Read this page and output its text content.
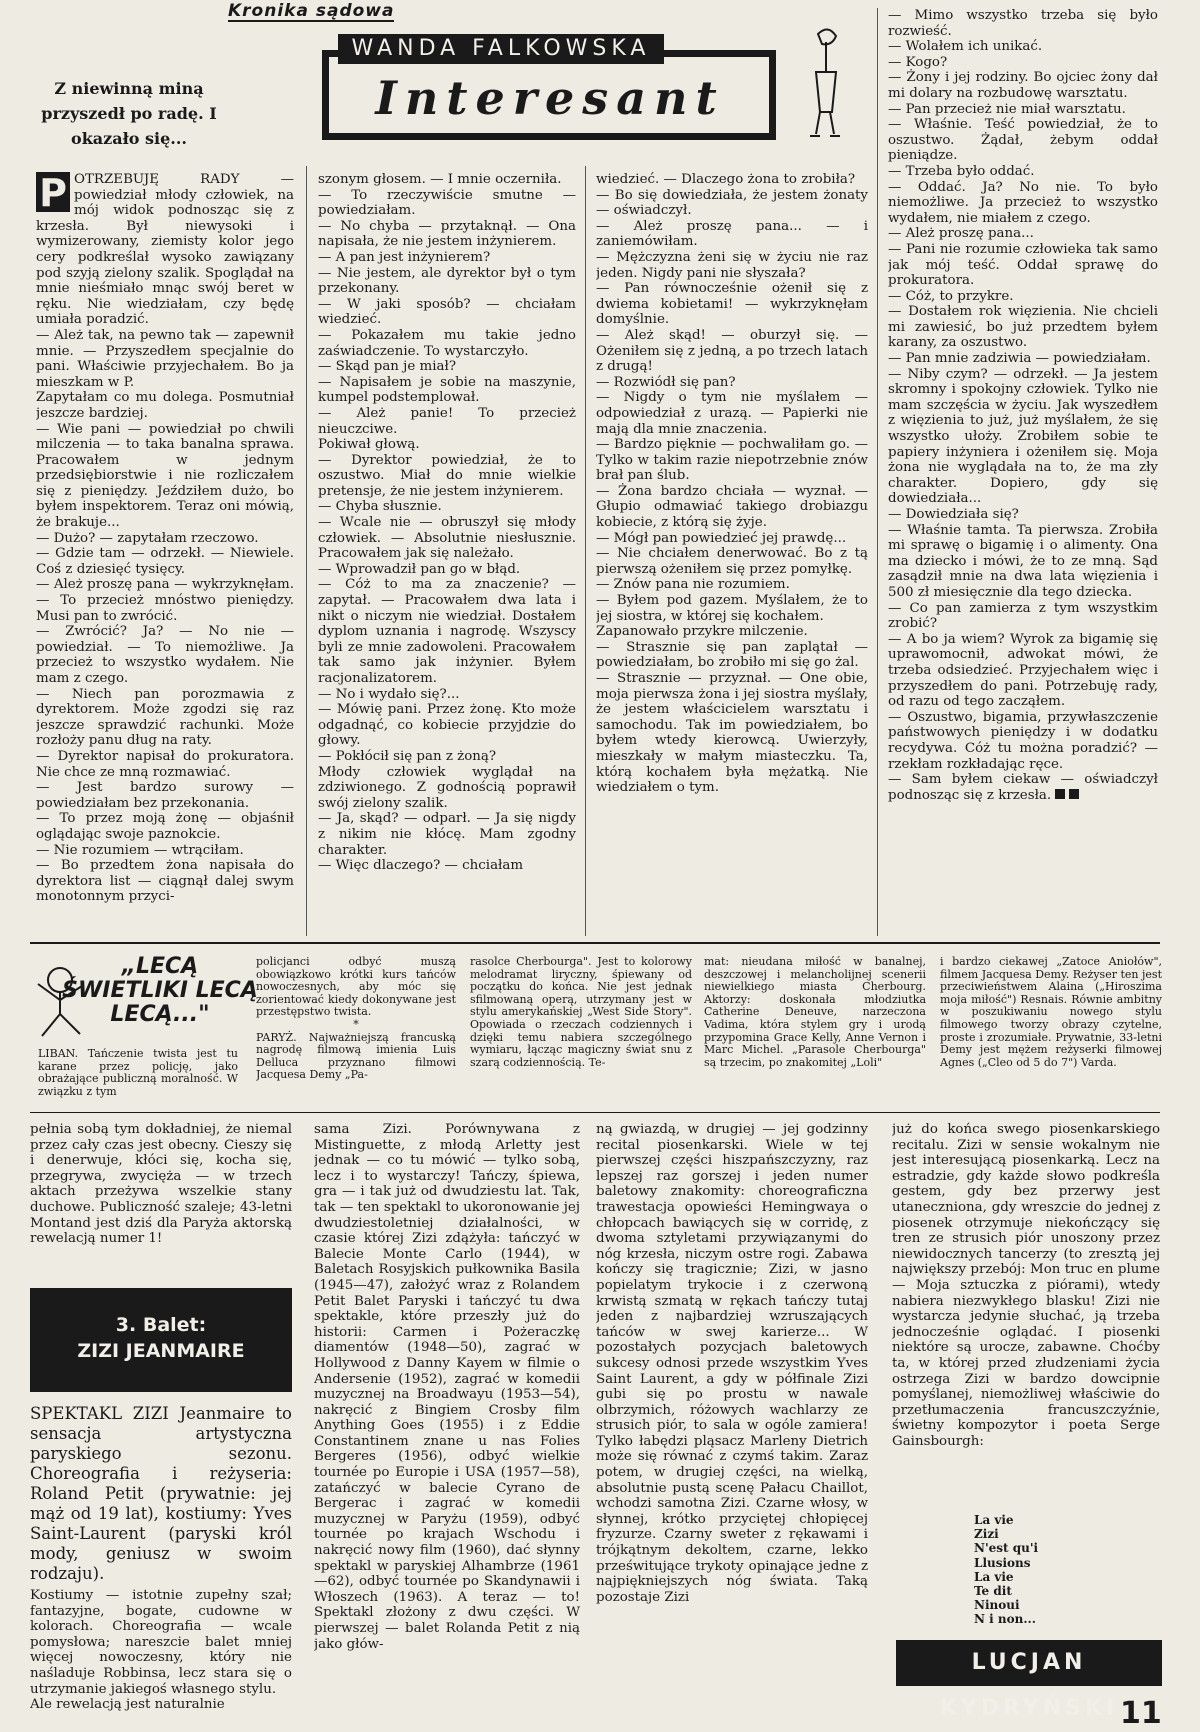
Kronika sądowa
WANDA FALKOWSKA
Interesant
Z niewinną miną przyszedł po radę. I okazało się...
P OTRZEBUJĘ RADY — powiedział młody człowiek, na mój widok podnosząc się z krzesła. Był niewysoki i wymizerowany, ziemisty kolor jego cery podkreślał wysoko zawiązany pod szyją zielony szalik. Spoglądał na mnie nieśmiało mnąc swój beret w ręku. Nie wiedziałam, czy będę umiała poradzić.

— Ależ tak, na pewno tak — zapewnił mnie. — Przyszedłem specjalnie do pani. Właściwie przyjechałem. Bo ja mieszkam w P.

Zapytałam co mu dolega. Posmutniał jeszcze bardziej.

— Wie pani — powiedział po chwili milczenia — to taka banalna sprawa. Pracowałem w jednym przedsiębiorstwie i nie rozliczałem się z pieniędzy. Jeździłem dużo, bo byłem inspektorem. Teraz oni mówią, że brakuje...

— Dużo? — zapytałam rzeczowo.

— Gdzie tam — odrzekł. — Niewiele. Coś z dziesięć tysięcy.

— Ależ proszę pana — wykrzyknęłam. — To przecież mnóstwo pieniędzy. Musi pan to zwrócić.

— Zwrócić? Ja? — No nie — powiedział. — To niemożliwe. Ja przecież to wszystko wydałem. Nie mam z czego.

— Niech pan porozmawia z dyrektorem. Może zgodzi się raz jeszcze sprawdzić rachunki. Może rozłoży panu dług na raty.

— Dyrektor napisał do prokuratora. Nie chce ze mną rozmawiać.

— Jest bardzo surowy — powiedziałam bez przekonania.

— To przez moją żonę — objaśnił oglądając swoje paznokcie.

— Nie rozumiem — wtrąciłam.

— Bo przedtem żona napisała do dyrektora list — ciągnął dalej swym monotonnym przyci-

szonym głosem. — I mnie oczerniła.

— To rzeczywiście smutne — powiedziałam.

— No chyba — przytaknął. — Ona napisała, że nie jestem inżynierem.

— A pan jest inżynierem?

— Nie jestem, ale dyrektor był o tym przekonany.

— W jaki sposób? — chciałam wiedzieć.

— Pokazałem mu takie jedno zaświadczenie. To wystarczyło.

— Skąd pan je miał?

— Napisałem je sobie na maszynie, kumpel podstemplował.

— Ależ panie! To przecież nieuczciwe.

Pokiwał głową.

— Dyrektor powiedział, że to oszustwo. Miał do mnie wielkie pretensje, że nie jestem inżynierem.

— Chyba słusznie.

— Wcale nie — obruszył się młody człowiek. — Absolutnie niesłusznie. Pracowałem jak się należało.

— Wprowadził pan go w błąd.

— Cóż to ma za znaczenie? — zapytał. — Pracowałem dwa lata i nikt o niczym nie wiedział. Dostałem dyplom uznania i nagrodę. Wszyscy byli ze mnie zadowoleni. Pracowałem tak samo jak inżynier. Byłem racjonalizatorem.

— No i wydało się?...

— Mówię pani. Przez żonę. Kto może odgadnąć, co kobiecie przyjdzie do głowy.

— Pokłócił się pan z żoną?

Młody człowiek wyglądał na zdziwionego. Z godnością poprawił swój zielony szalik.

— Ja, skąd? — odparł. — Ja się nigdy z nikim nie kłócę. Mam zgodny charakter.

— Więc dlaczego? — chciałam

wiedzieć. — Dlaczego żona to zrobiła?

— Bo się dowiedziała, że jestem żonaty — oświadczył.

— Ależ proszę pana... — i zaniemówiłam.

— Mężczyzna żeni się w życiu nie raz jeden. Nigdy pani nie słyszała?

— Pan równocześnie ożenił się z dwiema kobietami! — wykrzyknęłam domyślnie.

— Ależ skąd! — oburzył się. — Ożeniłem się z jedną, a po trzech latach z drugą!

— Rozwiódł się pan?

— Nigdy o tym nie myślałem — odpowiedział z urazą. — Papierki nie mają dla mnie znaczenia.

— Bardzo pięknie — pochwaliłam go. — Tylko w takim razie niepotrzebnie znów brał pan ślub.

— Żona bardzo chciała — wyznał. — Głupio odmawiać takiego drobiazgu kobiecie, z którą się żyje.

— Mógł pan powiedzieć jej prawdę...

— Nie chciałem denerwować. Bo z tą pierwszą ożeniłem się przez pomyłkę.

— Znów pana nie rozumiem.

— Byłem pod gazem. Myślałem, że to jej siostra, w której się kochałem.

Zapanowało przykre milczenie.

— Strasznie się pan zaplątał — powiedziałam, bo zrobiło mi się go żal.

— Strasznie — przyznał. — One obie, moja pierwsza żona i jej siostra myślały, że jestem właścicielem warsztatu i samochodu. Tak im powiedziałem, bo byłem wtedy kierowcą. Uwierzyły, mieszkały w małym miasteczku. Ta, którą kochałem była mężatką. Nie wiedziałem o tym.

— Mimo wszystko trzeba się było rozwieść.

— Wolałem ich unikać.

— Kogo?

— Żony i jej rodziny. Bo ojciec żony dał mi dolary na rozbudowę warsztatu.

— Pan przecież nie miał warsztatu.

— Właśnie. Teść powiedział, że to oszustwo. Żądał, żebym oddał pieniądze.

— Trzeba było oddać.

— Oddać. Ja? No nie. To było niemożliwe. Ja przecież to wszystko wydałem, nie miałem z czego.

— Ależ proszę pana...

— Pani nie rozumie człowieka tak samo jak mój teść. Oddał sprawę do prokuratora.

— Cóż, to przykre.

— Dostałem rok więzienia. Nie chcieli mi zawiesić, bo już przedtem byłem karany, za oszustwo.

— Pan mnie zadziwia — powiedziałam.

— Niby czym? — odrzekł. — Ja jestem skromny i spokojny człowiek. Tylko nie mam szczęścia w życiu. Jak wyszedłem z więzienia to już, już myślałem, że się wszystko ułoży. Zrobiłem sobie te papiery inżyniera i ożeniłem się. Moja żona nie wyglądała na to, że ma zły charakter. Dopiero, gdy się dowiedziała...

— Dowiedziała się?

— Właśnie tamta. Ta pierwsza. Zrobiła mi sprawę o bigamię i o alimenty. Ona ma dziecko i mówi, że to ze mną. Sąd zasądził mnie na dwa lata więzienia i 500 zł miesięcznie dla tego dziecka.

— Co pan zamierza z tym wszystkim zrobić?

— A bo ja wiem? Wyrok za bigamię się uprawomocnił, adwokat mówi, że trzeba odsiedzieć. Przyjechałem więc i przyszedłem do pani. Potrzebuję rady, od razu od tego zacząłem.

— Oszustwo, bigamia, przywłaszczenie państwowych pieniędzy i w dodatku recydywa. Cóż tu można poradzić? — rzekłam rozkładając ręce.

— Sam byłem ciekaw — oświadczył podnosząc się z krzesła.

„LECĄ ŚWIETLIKI LECĄ LECĄ..."
LIBAN. Tańczenie twista jest tu karane przez policję, jako obrażające publiczną moralność. W związku z tym

policjanci odbyć muszą obowiązkowo krótki kurs tańców nowoczesnych, aby móc się zorientować kiedy dokonywane jest przestępstwo twista.

*

PARYŻ. Najważniejszą francuską nagrodę filmową imienia Luis Delluca przyznano filmowi Jacquesa Demy „Pa-

rasolce Cherbourga". Jest to kolorowy melodramat liryczny, śpiewany od początku do końca. Nie jest jednak sfilmowaną operą, utrzymany jest w stylu amerykańskiej „West Side Story". Opowiada o rzeczach codziennych i dzięki temu nabiera szczególnego wymiaru, łącząc magiczny świat snu z szarą codziennością. Te-
mat: nieudana miłość w banalnej, deszczowej i melancholijnej scenerii niewielkiego miasta Cherbourg. Aktorzy: doskonała młodziutka Catherine Deneuve, narzeczona Vadima, która stylem gry i urodą przypomina Grace Kelly, Anne Vernon i Marc Michel. „Parasole Cherbourga" są trzecim, po znakomitej „Loli"
i bardzo ciekawej „Zatoce Aniołów", filmem Jacquesa Demy. Reżyser ten jest przeciwieństwem Alaina („Hiroszima moja miłość") Resnais. Równie ambitny w poszukiwaniu nowego stylu filmowego tworzy obrazy czytelne, proste i zrozumiałe. Prywatnie, 33-letni Demy jest mężem reżyserki filmowej Agnes („Cleo od 5 do 7") Varda.
pełnia sobą tym dokładniej, że niemal przez cały czas jest obecny. Cieszy się i denerwuje, kłóci się, kocha się, przegrywa, zwycięża — w trzech aktach przeżywa wszelkie stany duchowe. Publiczność szaleje; 43-letni Montand jest dziś dla Paryża aktorską rewelacją numer 1!
3. Balet:
ZIZI JEANMAIRE

SPEKTAKL ZIZI Jeanmaire to sensacja artystyczna paryskiego sezonu. Choreografia i reżyseria: Roland Petit (prywatnie: jej mąż od 19 lat), kostiumy: Yves Saint-Laurent (paryski król mody, geniusz w swoim rodzaju).

Kostiumy — istotnie zupełny szał; fantazyjne, bogate, cudowne w kolorach. Choreografia — wcale pomysłowa; nareszcie balet mniej więcej nowoczesny, który nie naśladuje Robbinsa, lecz stara się o utrzymanie jakiegoś własnego stylu.

Ale rewelacją jest naturalnie

sama Zizi. Porównywana z Mistinguette, z młodą Arletty jest jednak — co tu mówić — tylko sobą, lecz i to wystarczy! Tańczy, śpiewa, gra — i tak już od dwudziestu lat. Tak, tak — ten spektakl to ukoronowanie jej dwudziestoletniej działalności, w czasie której Zizi zdążyła: tańczyć w Balecie Monte Carlo (1944), w Baletach Rosyjskich pułkownika Basila (1945—47), założyć wraz z Rolandem Petit Balet Paryski i tańczyć tu dwa spektakle, które przeszły już do historii: Carmen i Pożeraczkę diamentów (1948—50), zagrać w Hollywood z Danny Kayem w filmie o Andersenie (1952), zagrać w komedii muzycznej na Broadwayu (1953—54), nakręcić z Bingiem Crosby film Anything Goes (1955) i z Eddie Constantinem znane u nas Folies Bergeres (1956), odbyć wielkie tournée po Europie i USA (1957—58), zatańczyć w balecie Cyrano de Bergerac i zagrać w komedii muzycznej w Paryżu (1959), odbyć tournée po krajach Wschodu i nakręcić nowy film (1960), dać słynny spektakl w paryskiej Alhambrze (1961—62), odbyć tournée po Skandynawii i Włoszech (1963). A teraz — to! Spektakl złożony z dwu części. W pierwszej — balet Rolanda Petit z nią jako głów-
ną gwiazdą, w drugiej — jej godzinny recital piosenkarski. Wiele w tej pierwszej części hiszpańszczyzny, raz lepszej raz gorszej i jeden numer baletowy znakomity: choreograficzna trawestacja opowieści Hemingwaya o chłopcach bawiących się w corridę, z dwoma sztyletami przywiązanymi do nóg krzesła, niczym ostre rogi. Zabawa kończy się tragicznie; Zizi, w jasno popielatym trykocie i z czerwoną krwistą szmatą w rękach tańczy tutaj jeden z najbardziej wzruszających tańców w swej karierze... W pozostałych pozycjach baletowych sukcesy odnosi przede wszystkim Yves Saint Laurent, a gdy w półfinale Zizi gubi się po prostu w nawale olbrzymich, różowych wachlarzy ze strusich piór, to sala w ogóle zamiera! Tylko łabędzi pląsacz Marleny Dietrich może się równać z czymś takim. Zaraz potem, w drugiej części, na wielką, absolutnie pustą scenę Pałacu Chaillot, wchodzi samotna Zizi. Czarne włosy, w słynnej, krótko przyciętej chłopięcej fryzurze. Czarny sweter z rękawami i trójkątnym dekoltem, czarne, lekko prześwitujące trykoty opinające jedne z najpiękniejszych nóg świata. Taką pozostaje Zizi
już do końca swego piosenkarskiego recitalu. Zizi w sensie wokalnym nie jest interesującą piosenkarką. Lecz na estradzie, gdy każde słowo podkreśla gestem, gdy bez przerwy jest utaneczniona, gdy wreszcie do jednej z piosenek otrzymuje niekończący się tren ze strusich piór unoszony przez niewidocznych tancerzy (to zresztą jej największy przebój: Mon truc en plume — Moja sztuczka z piórami), wtedy nabiera niezwykłego blasku! Zizi nie wystarcza jedynie słuchać, ją trzeba jednocześnie oglądać. I piosenki niektóre są urocze, zabawne. Choćby ta, w której przed złudzeniami życia ostrzega Zizi w bardzo dowcipnie pomyślanej, niemożliwej właściwie do przetłumaczenia francuszczyźnie, świetny kompozytor i poeta Serge Gainsbourgh:
La vie
Zizi
N'est qu'i
Llusions
La vie
Te dit
Ninoui
N i non...
LUCJAN KYDRYŃSKI 11
